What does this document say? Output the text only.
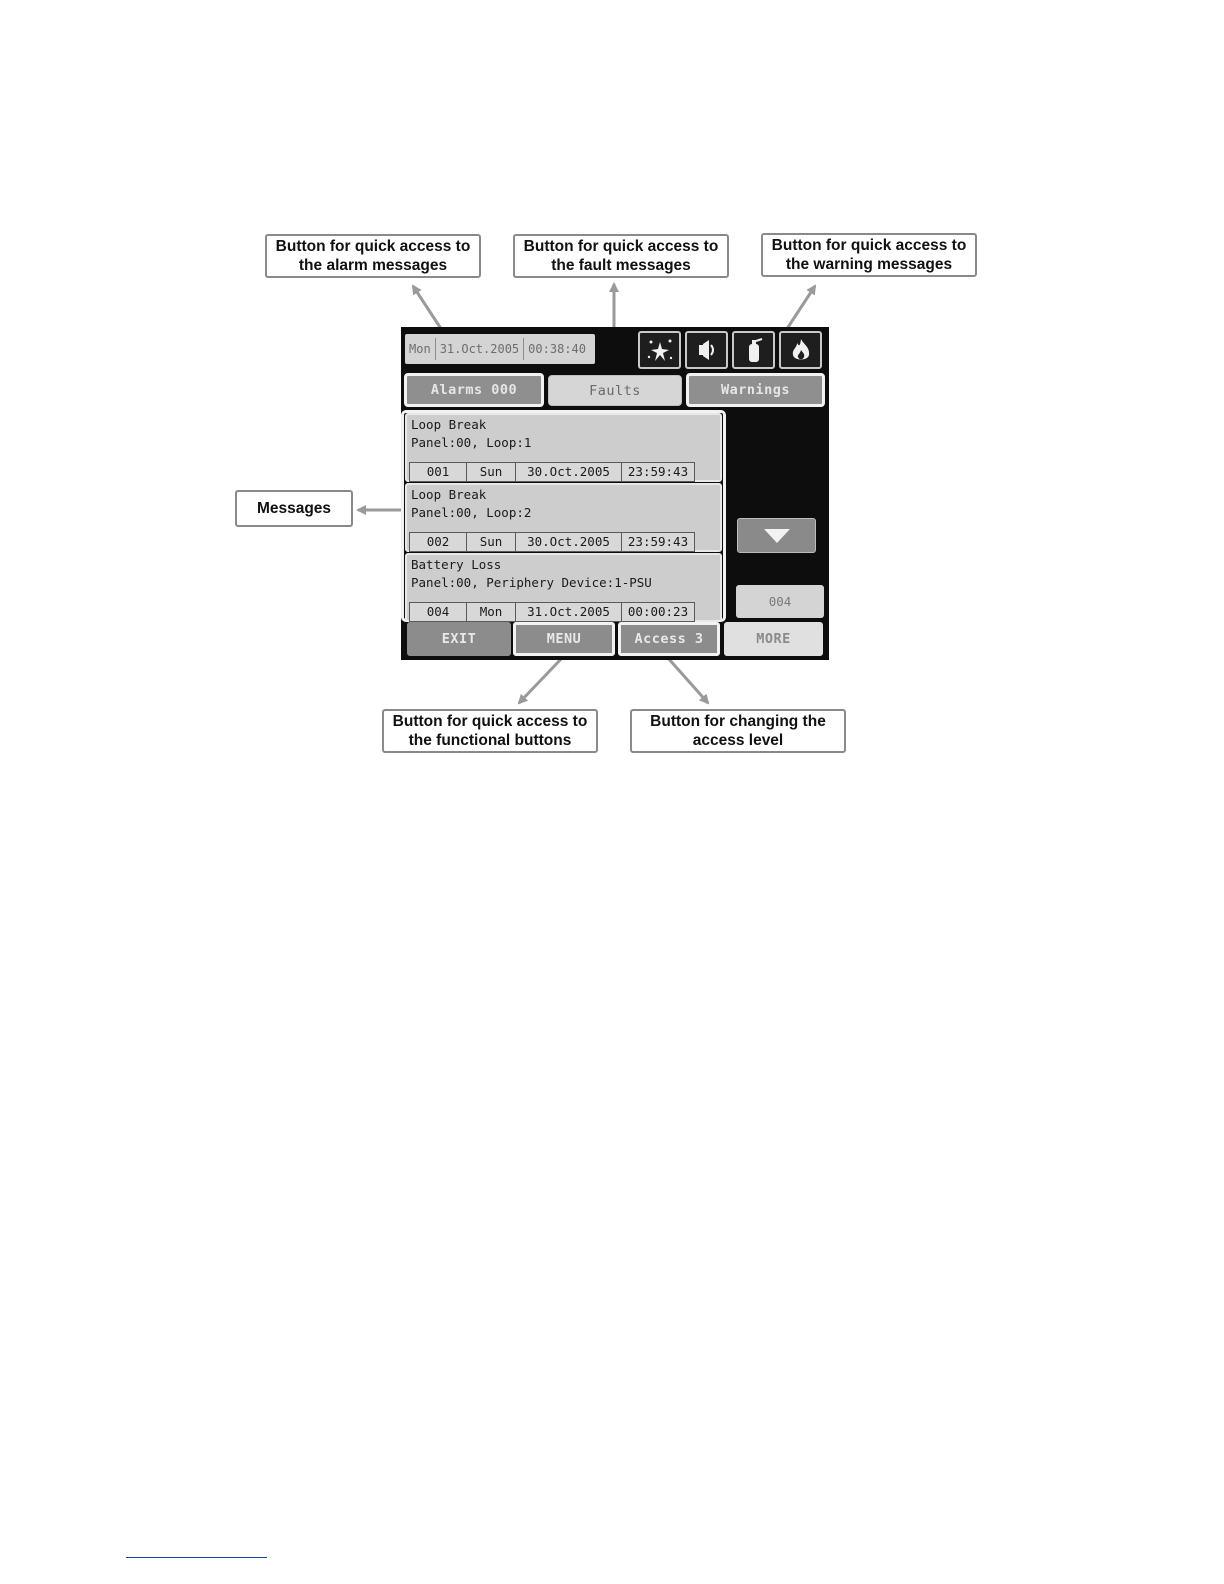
Button for quick access to
the alarm messages
Button for quick access to
the fault messages
Button for quick access to
the warning messages
Messages
Button for quick access to
the functional buttons
Button for changing the
access level
Mon 31.Oct.2005 00:38:40
Alarms 000	Faults	Warnings
Loop Break
Panel:00, Loop:1
001	Sun	30.Oct.2005	23:59:43
Loop Break
Panel:00, Loop:2
002	Sun	30.Oct.2005	23:59:43
Battery Loss
Panel:00, Periphery Device:1-PSU
004	Mon	31.Oct.2005	00:00:23
004
EXIT	MENU	Access 3	MORE
